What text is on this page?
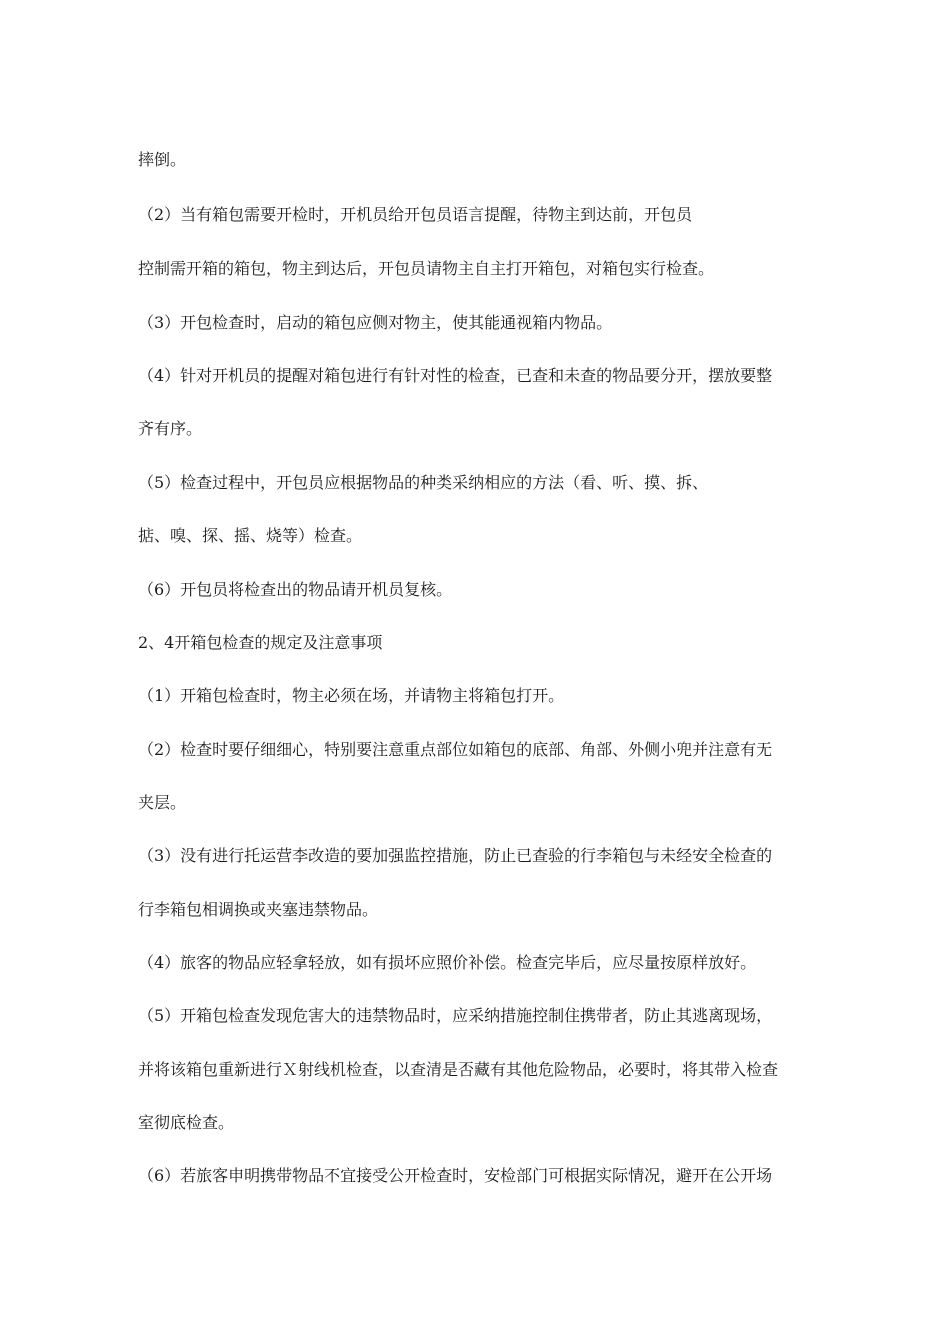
摔倒。

（2）当有箱包需要开检时，开机员给开包员语言提醒，待物主到达前，开包员

控制需开箱的箱包，物主到达后，开包员请物主自主打开箱包，对箱包实行检查。

（3）开包检查时，启动的箱包应侧对物主，使其能通视箱内物品。

（4）针对开机员的提醒对箱包进行有针对性的检查，已查和未查的物品要分开，摆放要整

齐有序。

（5）检查过程中，开包员应根据物品的种类采纳相应的方法（看、听、摸、拆、

掂、嗅、探、摇、烧等）检查。

（6）开包员将检查出的物品请开机员复核。

2、4开箱包检查的规定及注意事项

（1）开箱包检查时，物主必须在场，并请物主将箱包打开。

（2）检查时要仔细细心，特别要注意重点部位如箱包的底部、角部、外侧小兜并注意有无

夹层。

（3）没有进行托运营李改造的要加强监控措施，防止已查验的行李箱包与未经安全检查的

行李箱包相调换或夹塞违禁物品。

（4）旅客的物品应轻拿轻放，如有损坏应照价补偿。检查完毕后，应尽量按原样放好。

（5）开箱包检查发现危害大的违禁物品时，应采纳措施控制住携带者，防止其逃离现场，

并将该箱包重新进行Ｘ射线机检查，以查清是否藏有其他危险物品，必要时，将其带入检查

室彻底检查。

（6）若旅客申明携带物品不宜接受公开检查时，安检部门可根据实际情况，避开在公开场
